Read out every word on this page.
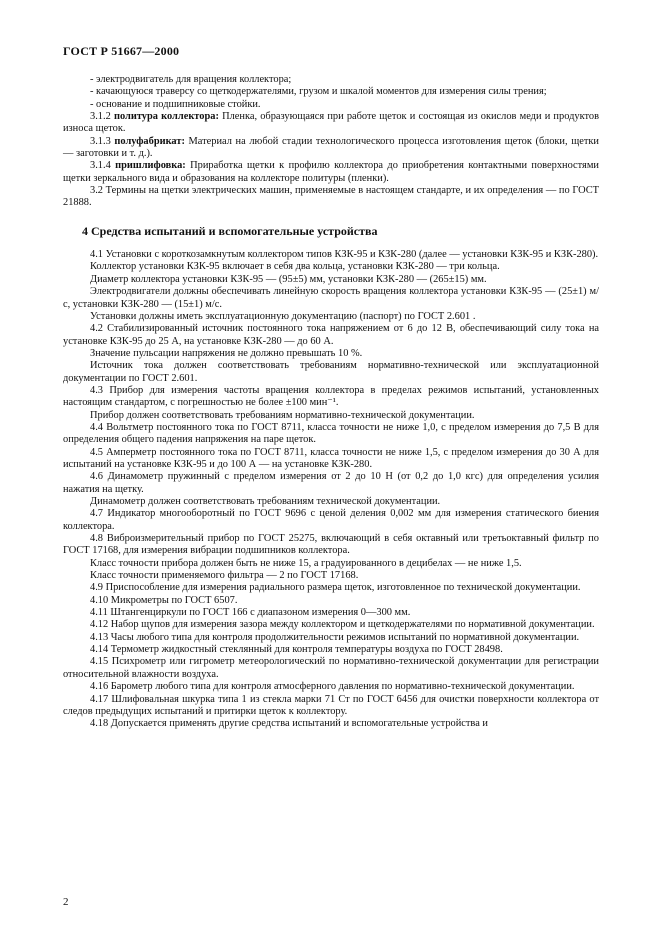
ГОСТ Р 51667—2000

- электродвигатель для вращения коллектора;

- качающуюся траверсу со щеткодержателями, грузом и шкалой моментов для измерения силы трения;

- основание и подшипниковые стойки.

3.1.2 политура коллектора: Пленка, образующаяся при работе щеток и состоящая из окислов меди и продуктов износа щеток.

3.1.3 полуфабрикат: Материал на любой стадии технологического процесса изготовления щеток (блоки, щетки — заготовки и т. д.).

3.1.4 пришлифовка: Приработка щетки к профилю коллектора до приобретения контактными поверхностями щетки зеркального вида и образования на коллекторе политуры (пленки).

3.2 Термины на щетки электрических машин, применяемые в настоящем стандарте, и их определения — по ГОСТ 21888.

4 Средства испытаний и вспомогательные устройства

4.1 Установки с короткозамкнутым коллектором типов КЗК-95 и КЗК-280 (далее — установки КЗК-95 и КЗК-280).

Коллектор установки КЗК-95 включает в себя два кольца, установки КЗК-280 — три кольца.

Диаметр коллектора установки КЗК-95 — (95±5) мм, установки КЗК-280 — (265±15) мм.

Электродвигатели должны обеспечивать линейную скорость вращения коллектора установки КЗК-95 — (25±1) м/с, установки КЗК-280 — (15±1) м/с.

Установки должны иметь эксплуатационную документацию (паспорт) по ГОСТ 2.601 .

4.2 Стабилизированный источник постоянного тока напряжением от 6 до 12 В, обеспечивающий силу тока на установке КЗК-95 до 25 А, на установке КЗК-280 — до 60 А.

Значение пульсации напряжения не должно превышать 10 %.

Источник тока должен соответствовать требованиям нормативно-технической или эксплуатационной документации по ГОСТ 2.601.

4.3 Прибор для измерения частоты вращения коллектора в пределах режимов испытаний, установленных настоящим стандартом, с погрешностью не более ±100 мин⁻¹.

Прибор должен соответствовать требованиям нормативно-технической документации.

4.4 Вольтметр постоянного тока по ГОСТ 8711, класса точности не ниже 1,0, с пределом измерения до 7,5 В для определения общего падения напряжения на паре щеток.

4.5 Амперметр постоянного тока по ГОСТ 8711, класса точности не ниже 1,5, с пределом измерения до 30 А для испытаний на установке КЗК-95 и до 100 А — на установке КЗК-280.

4.6 Динамометр пружинный с пределом измерения от 2 до 10 Н (от 0,2 до 1,0 кгс) для определения усилия нажатия на щетку.

Динамометр должен соответствовать требованиям технической документации.

4.7 Индикатор многооборотный по ГОСТ 9696 с ценой деления 0,002 мм для измерения статического биения коллектора.

4.8 Виброизмерительный прибор по ГОСТ 25275, включающий в себя октавный или третьоктавный фильтр по ГОСТ 17168, для измерения вибрации подшипников коллектора.

Класс точности прибора должен быть не ниже 15, а градуированного в децибелах — не ниже 1,5.

Класс точности применяемого фильтра — 2 по ГОСТ 17168.

4.9 Приспособление для измерения радиального размера щеток, изготовленное по технической документации.

4.10 Микрометры по ГОСТ 6507.

4.11 Штангенциркули по ГОСТ 166 с диапазоном измерения 0—300 мм.

4.12 Набор щупов для измерения зазора между коллектором и щеткодержателями по нормативной документации.

4.13 Часы любого типа для контроля продолжительности режимов испытаний по нормативной документации.

4.14 Термометр жидкостный стеклянный для контроля температуры воздуха по ГОСТ 28498.

4.15 Психрометр или гигрометр метеорологический по нормативно-технической документации для регистрации относительной влажности воздуха.

4.16 Барометр любого типа для контроля атмосферного давления по нормативно-технической документации.

4.17 Шлифовальная шкурка типа 1 из стекла марки 71 Ст по ГОСТ 6456 для очистки поверхности коллектора от следов предыдущих испытаний и притирки щеток к коллектору.

4.18 Допускается применять другие средства испытаний и вспомогательные устройства и

2
